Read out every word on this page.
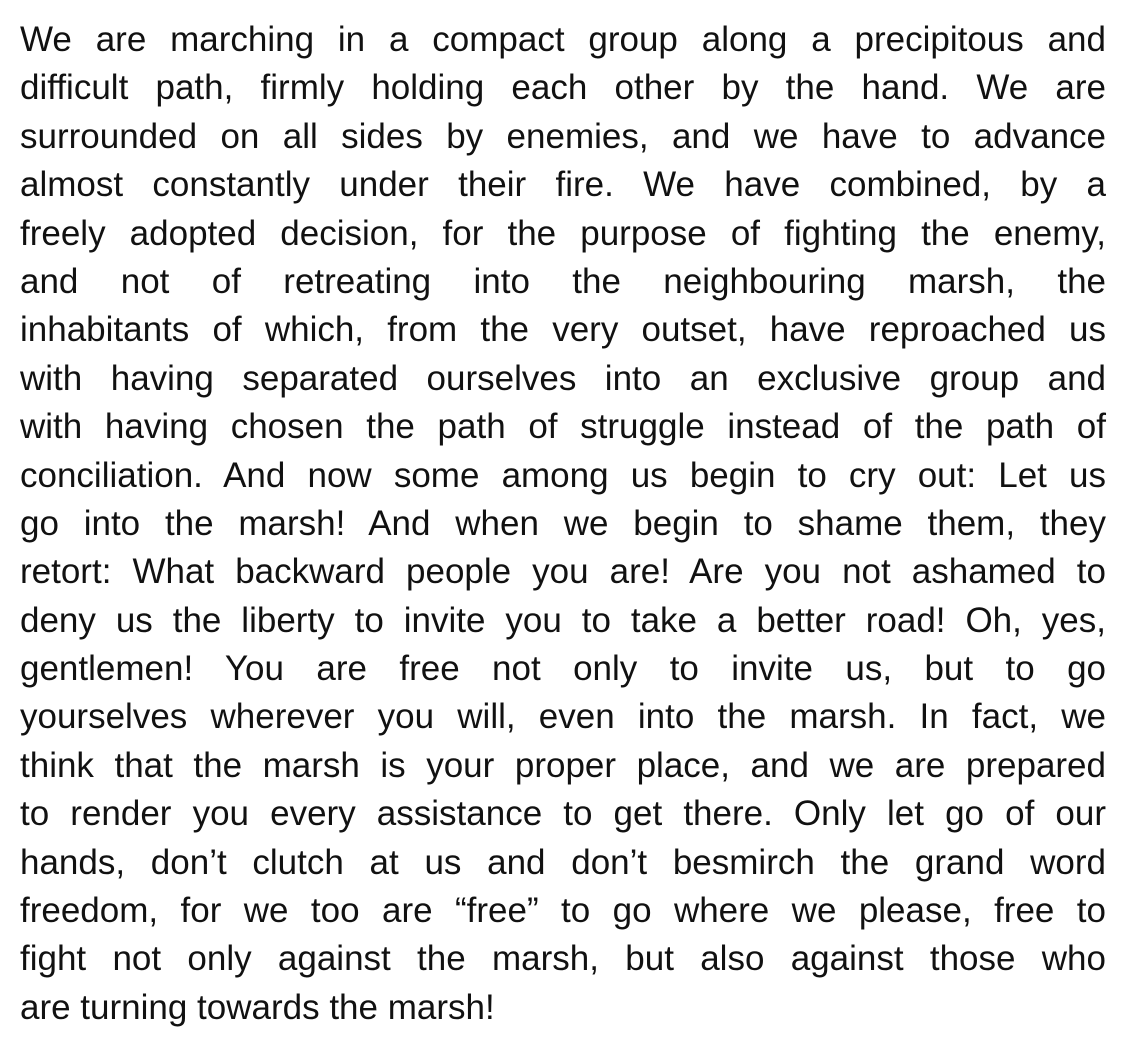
We are marching in a compact group along a precipitous and
difficult path, firmly holding each other by the hand. We are
surrounded on all sides by enemies, and we have to advance
almost constantly under their fire. We have combined, by a
freely adopted decision, for the purpose of fighting the enemy,
and not of retreating into the neighbouring marsh, the
inhabitants of which, from the very outset, have reproached us
with having separated ourselves into an exclusive group and
with having chosen the path of struggle instead of the path of
conciliation. And now some among us begin to cry out: Let us
go into the marsh! And when we begin to shame them, they
retort: What backward people you are! Are you not ashamed to
deny us the liberty to invite you to take a better road! Oh, yes,
gentlemen! You are free not only to invite us, but to go
yourselves wherever you will, even into the marsh. In fact, we
think that the marsh is your proper place, and we are prepared
to render you every assistance to get there. Only let go of our
hands, don’t clutch at us and don’t besmirch the grand word
freedom, for we too are “free” to go where we please, free to
fight not only against the marsh, but also against those who
are turning towards the marsh!
